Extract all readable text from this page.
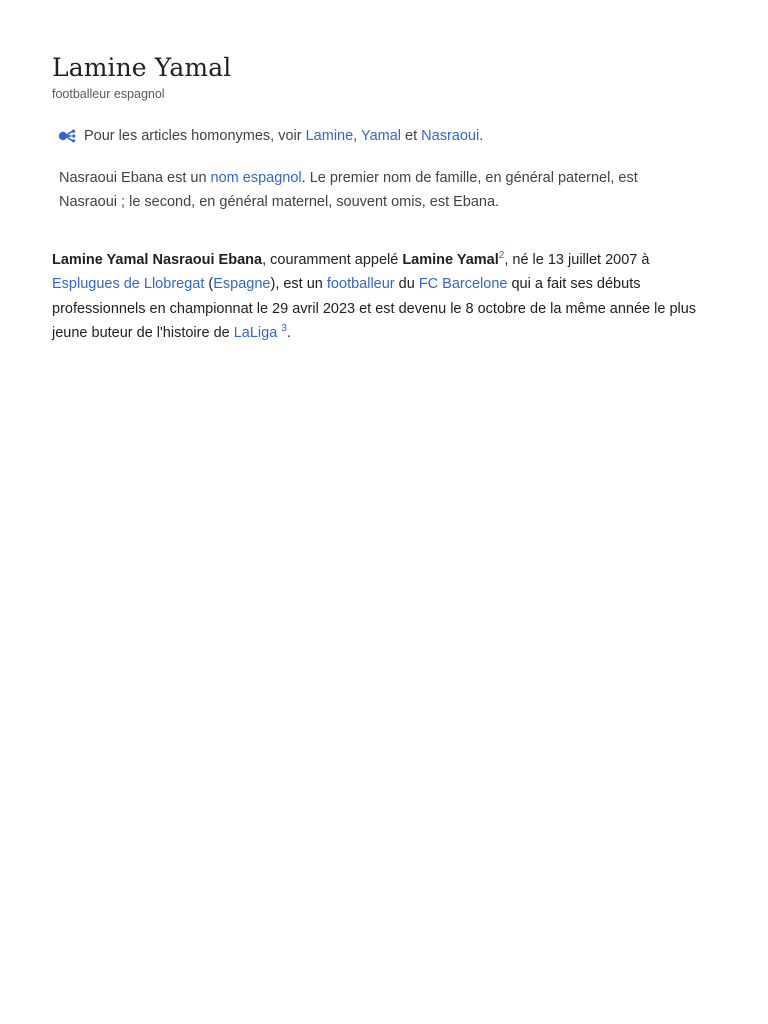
Lamine Yamal
footballeur espagnol
Pour les articles homonymes, voir Lamine, Yamal et Nasraoui.
Nasraoui Ebana est un nom espagnol. Le premier nom de famille, en général paternel, est Nasraoui ; le second, en général maternel, souvent omis, est Ebana.

Lamine Yamal Nasraoui Ebana, couramment appelé Lamine Yamal$^2$, né le 13 juillet 2007 à Esplugues de Llobregat (Espagne), est un footballeur du FC Barcelone qui a fait ses débuts professionnels en championnat le 29 avril 2023 et est devenu le 8 octobre de la même année le plus jeune buteur de l'histoire de LaLiga $^3$.
